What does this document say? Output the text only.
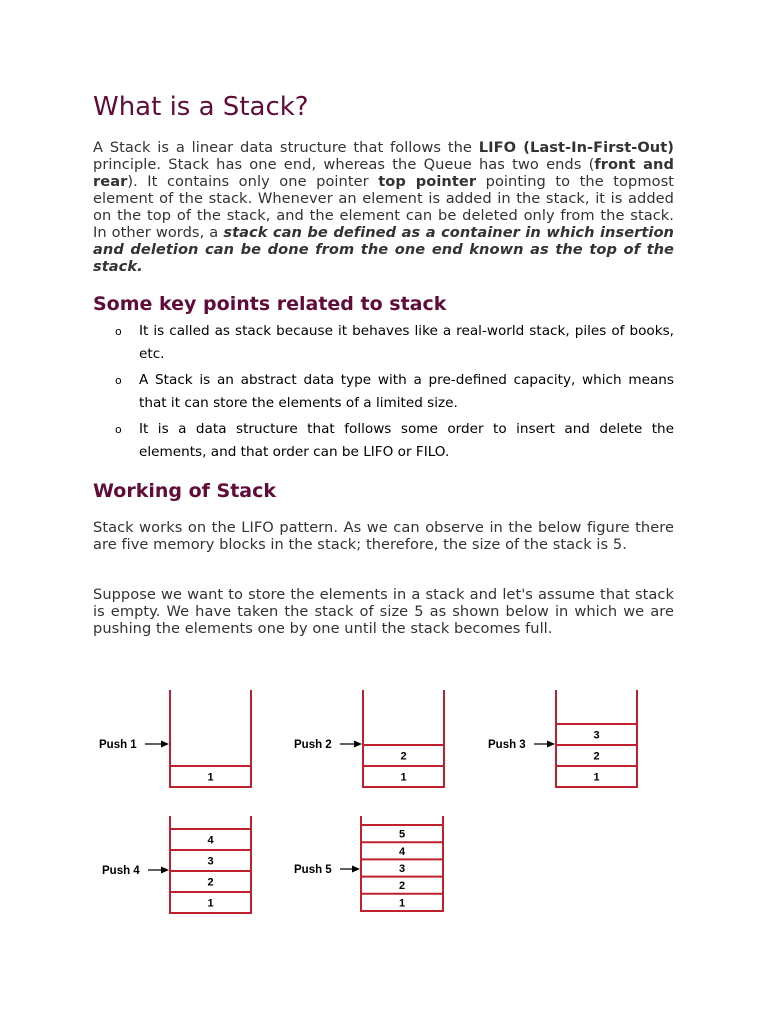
What is a Stack?

A Stack is a linear data structure that follows the LIFO (Last-In-First-Out) principle. Stack has one end, whereas the Queue has two ends (front and rear). It contains only one pointer top pointer pointing to the topmost element of the stack. Whenever an element is added in the stack, it is added on the top of the stack, and the element can be deleted only from the stack. In other words, a stack can be defined as a container in which insertion and deletion can be done from the one end known as the top of the stack.

Some key points related to stack
o It is called as stack because it behaves like a real-world stack, piles of books, etc.
o A Stack is an abstract data type with a pre-defined capacity, which means that it can store the elements of a limited size.
o It is a data structure that follows some order to insert and delete the elements, and that order can be LIFO or FILO.
Working of Stack

Stack works on the LIFO pattern. As we can observe in the below figure there are five memory blocks in the stack; therefore, the size of the stack is 5.

Suppose we want to store the elements in a stack and let's assume that stack is empty. We have taken the stack of size 5 as shown below in which we are pushing the elements one by one until the stack becomes full.

1
Push 1
1
2
Push 2
1
2
3
Push 3
1
2
3
4
Push 4
1
2
3
4
5
Push 5
